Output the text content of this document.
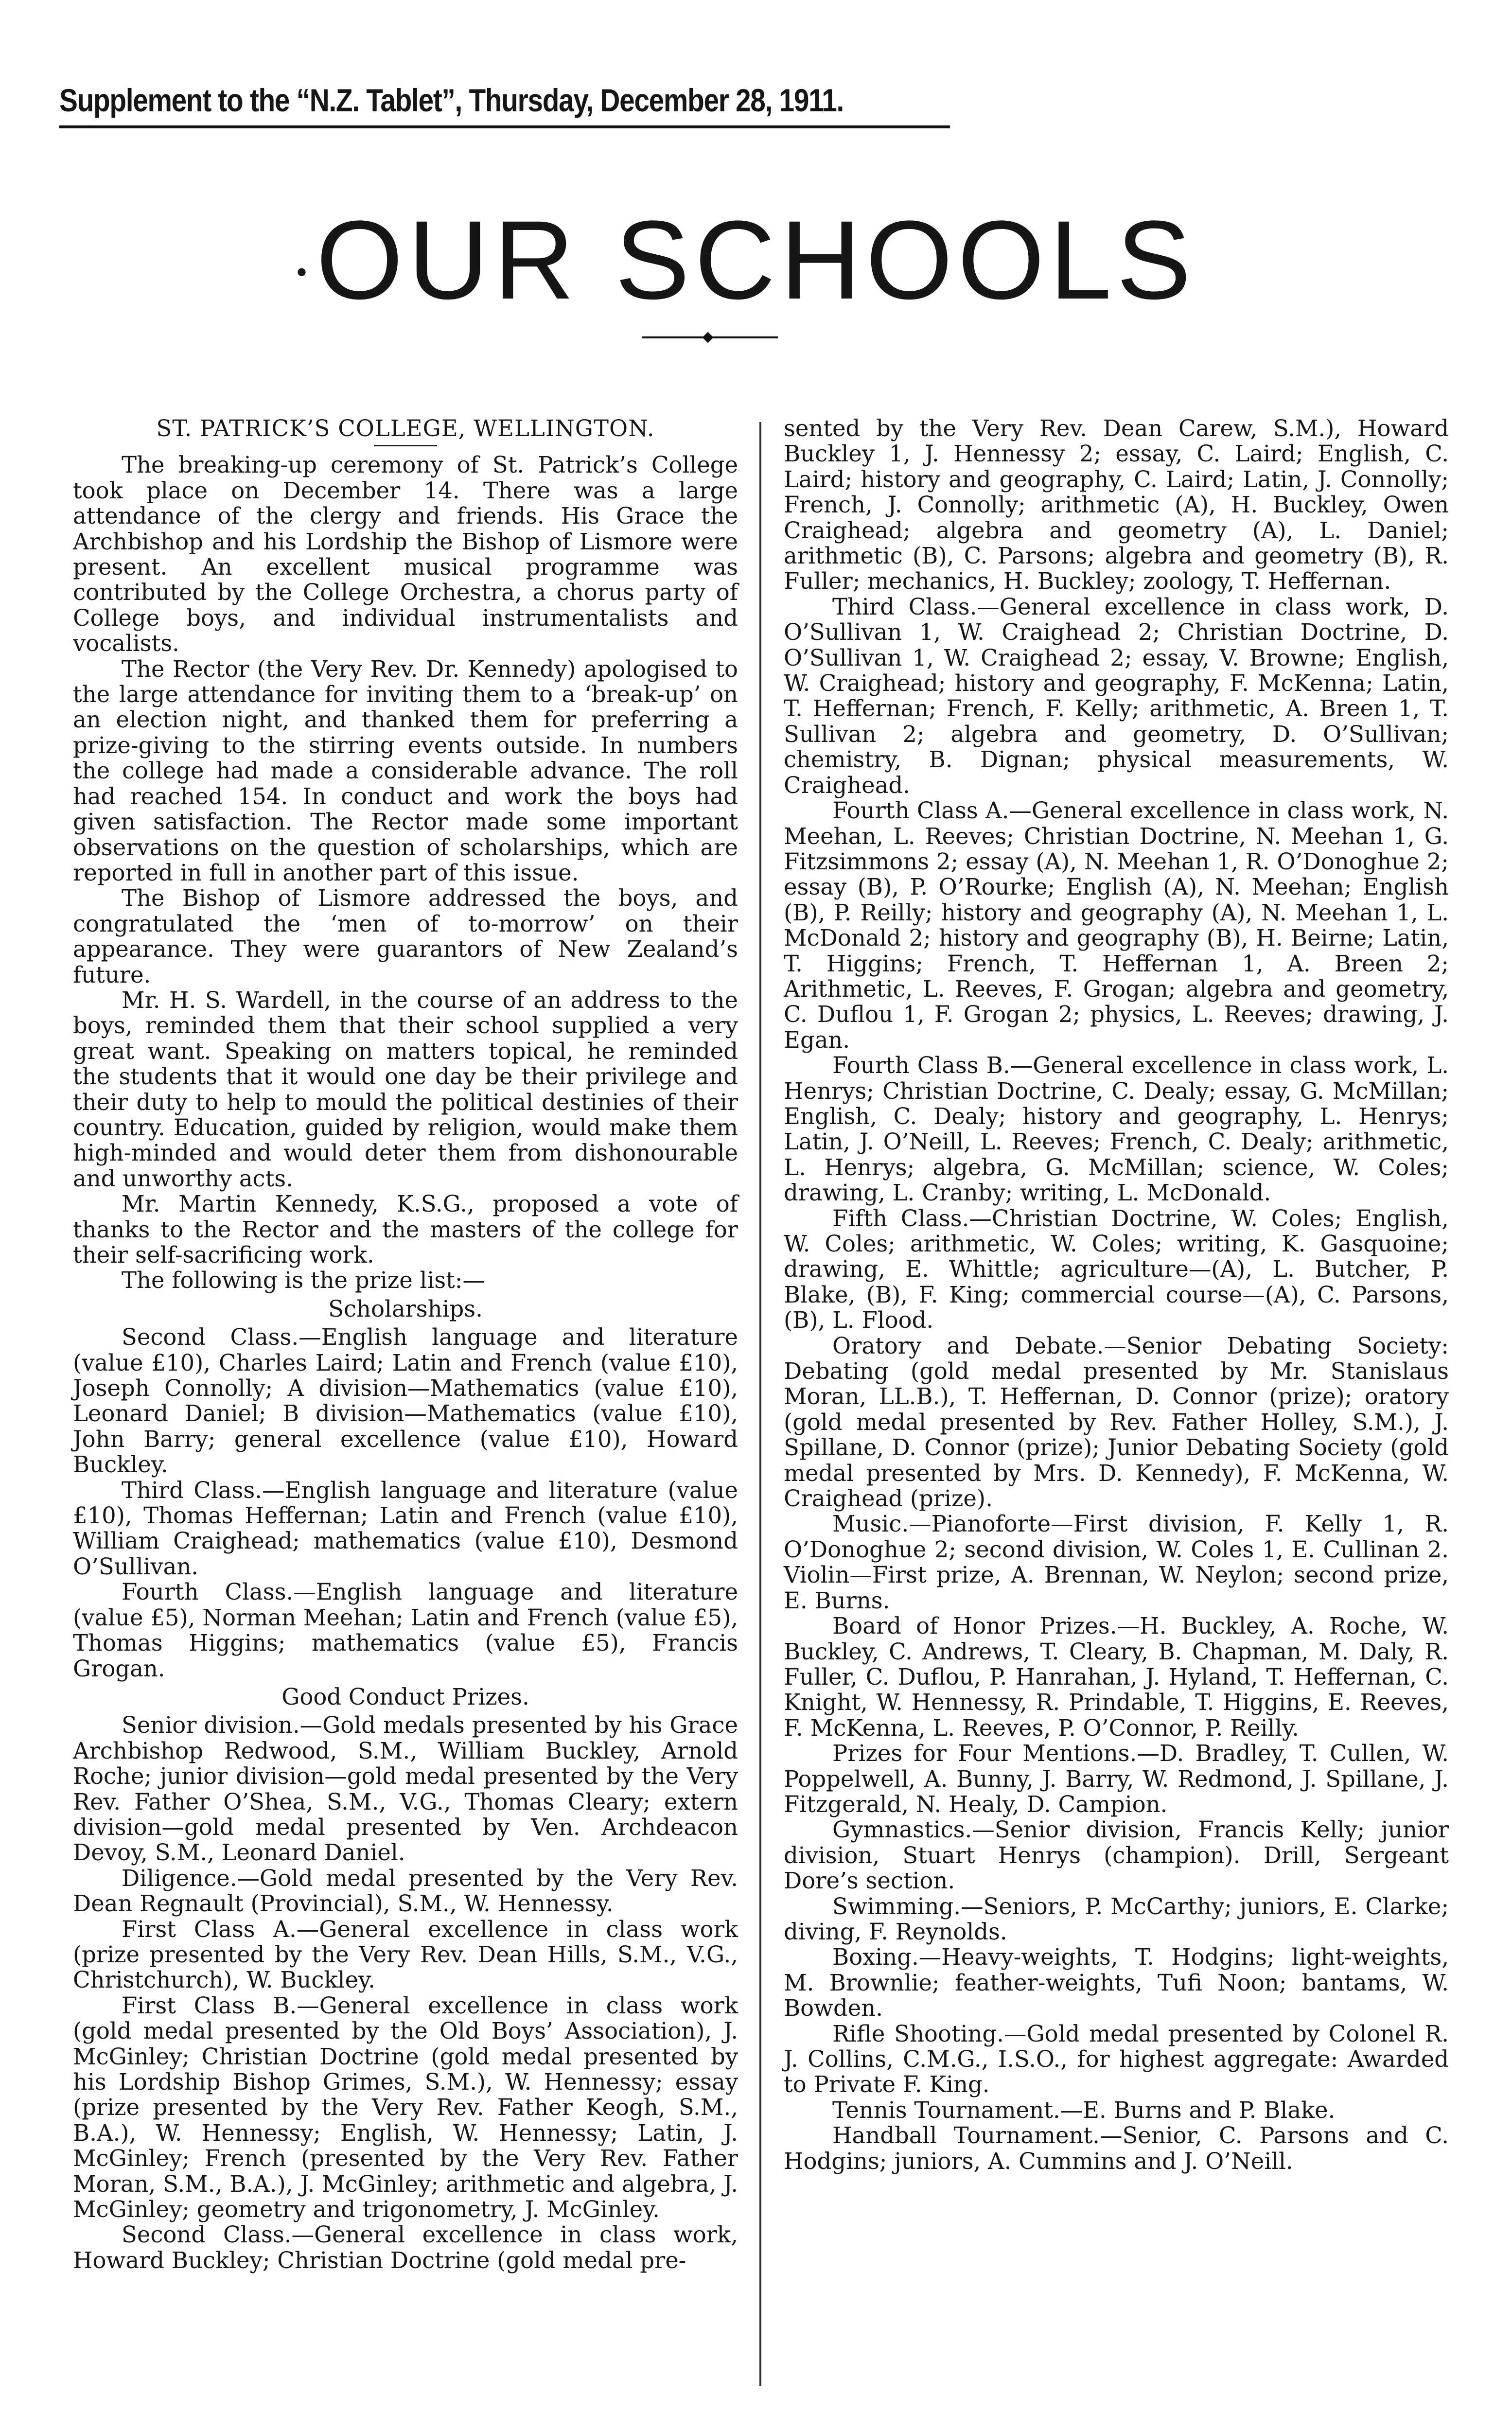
Supplement to the “N.Z. Tablet”, Thursday, December 28, 1911.

• OUR SCHOOLS
ST. PATRICK’S COLLEGE, WELLINGTON.

The breaking-up ceremony of St. Patrick’s College took place on December 14. There was a large attendance of the clergy and friends. His Grace the Archbishop and his Lordship the Bishop of Lismore were present. An excellent musical programme was contributed by the College Orchestra, a chorus party of College boys, and individual instrumentalists and vocalists.

The Rector (the Very Rev. Dr. Kennedy) apologised to the large attendance for inviting them to a ‘break-up’ on an election night, and thanked them for preferring a prize-giving to the stirring events outside. In numbers the college had made a considerable advance. The roll had reached 154. In conduct and work the boys had given satisfaction. The Rector made some important observations on the question of scholarships, which are reported in full in another part of this issue.

The Bishop of Lismore addressed the boys, and congratulated the ‘men of to-morrow’ on their appearance. They were guarantors of New Zealand’s future.

Mr. H. S. Wardell, in the course of an address to the boys, reminded them that their school supplied a very great want. Speaking on matters topical, he reminded the students that it would one day be their privilege and their duty to help to mould the political destinies of their country. Education, guided by religion, would make them high-minded and would deter them from dishonourable and unworthy acts.

Mr. Martin Kennedy, K.S.G., proposed a vote of thanks to the Rector and the masters of the college for their self-sacrificing work.

The following is the prize list:—

Scholarships.

Second Class.—English language and literature (value £10), Charles Laird; Latin and French (value £10), Joseph Connolly; A division—Mathematics (value £10), Leonard Daniel; B division—Mathematics (value £10), John Barry; general excellence (value £10), Howard Buckley.

Third Class.—English language and literature (value £10), Thomas Heffernan; Latin and French (value £10), William Craighead; mathematics (value £10), Desmond O’Sullivan.

Fourth Class.—English language and literature (value £5), Norman Meehan; Latin and French (value £5), Thomas Higgins; mathematics (value £5), Francis Grogan.

Good Conduct Prizes.

Senior division.—Gold medals presented by his Grace Archbishop Redwood, S.M., William Buckley, Arnold Roche; junior division—gold medal presented by the Very Rev. Father O’Shea, S.M., V.G., Thomas Cleary; extern division—gold medal presented by Ven. Archdeacon Devoy, S.M., Leonard Daniel.

Diligence.—Gold medal presented by the Very Rev. Dean Regnault (Provincial), S.M., W. Hennessy.

First Class A.—General excellence in class work (prize presented by the Very Rev. Dean Hills, S.M., V.G., Christchurch), W. Buckley.

First Class B.—General excellence in class work (gold medal presented by the Old Boys’ Association), J. McGinley; Christian Doctrine (gold medal presented by his Lordship Bishop Grimes, S.M.), W. Hennessy; essay (prize presented by the Very Rev. Father Keogh, S.M., B.A.), W. Hennessy; English, W. Hennessy; Latin, J. McGinley; French (presented by the Very Rev. Father Moran, S.M., B.A.), J. McGinley; arithmetic and algebra, J. McGinley; geometry and trigonometry, J. McGinley.

Second Class.—General excellence in class work, Howard Buckley; Christian Doctrine (gold medal pre-

sented by the Very Rev. Dean Carew, S.M.), Howard Buckley 1, J. Hennessy 2; essay, C. Laird; English, C. Laird; history and geography, C. Laird; Latin, J. Connolly; French, J. Connolly; arithmetic (A), H. Buckley, Owen Craighead; algebra and geometry (A), L. Daniel; arithmetic (B), C. Parsons; algebra and geometry (B), R. Fuller; mechanics, H. Buckley; zoology, T. Heffernan.

Third Class.—General excellence in class work, D. O’Sullivan 1, W. Craighead 2; Christian Doctrine, D. O’Sullivan 1, W. Craighead 2; essay, V. Browne; English, W. Craighead; history and geography, F. McKenna; Latin, T. Heffernan; French, F. Kelly; arithmetic, A. Breen 1, T. Sullivan 2; algebra and geometry, D. O’Sullivan; chemistry, B. Dignan; physical measurements, W. Craighead.

Fourth Class A.—General excellence in class work, N. Meehan, L. Reeves; Christian Doctrine, N. Meehan 1, G. Fitzsimmons 2; essay (A), N. Meehan 1, R. O’Donoghue 2; essay (B), P. O’Rourke; English (A), N. Meehan; English (B), P. Reilly; history and geography (A), N. Meehan 1, L. McDonald 2; history and geography (B), H. Beirne; Latin, T. Higgins; French, T. Heffernan 1, A. Breen 2; Arithmetic, L. Reeves, F. Grogan; algebra and geometry, C. Duflou 1, F. Grogan 2; physics, L. Reeves; drawing, J. Egan.

Fourth Class B.—General excellence in class work, L. Henrys; Christian Doctrine, C. Dealy; essay, G. McMillan; English, C. Dealy; history and geography, L. Henrys; Latin, J. O’Neill, L. Reeves; French, C. Dealy; arithmetic, L. Henrys; algebra, G. McMillan; science, W. Coles; drawing, L. Cranby; writing, L. McDonald.

Fifth Class.—Christian Doctrine, W. Coles; English, W. Coles; arithmetic, W. Coles; writing, K. Gasquoine; drawing, E. Whittle; agriculture—(A), L. Butcher, P. Blake, (B), F. King; commercial course—(A), C. Parsons, (B), L. Flood.

Oratory and Debate.—Senior Debating Society: Debating (gold medal presented by Mr. Stanislaus Moran, LL.B.), T. Heffernan, D. Connor (prize); oratory (gold medal presented by Rev. Father Holley, S.M.), J. Spillane, D. Connor (prize); Junior Debating Society (gold medal presented by Mrs. D. Kennedy), F. McKenna, W. Craighead (prize).

Music.—Pianoforte—First division, F. Kelly 1, R. O’Donoghue 2; second division, W. Coles 1, E. Cullinan 2. Violin—First prize, A. Brennan, W. Neylon; second prize, E. Burns.

Board of Honor Prizes.—H. Buckley, A. Roche, W. Buckley, C. Andrews, T. Cleary, B. Chapman, M. Daly, R. Fuller, C. Duflou, P. Hanrahan, J. Hyland, T. Heffernan, C. Knight, W. Hennessy, R. Prindable, T. Higgins, E. Reeves, F. McKenna, L. Reeves, P. O’Connor, P. Reilly.

Prizes for Four Mentions.—D. Bradley, T. Cullen, W. Poppelwell, A. Bunny, J. Barry, W. Redmond, J. Spillane, J. Fitzgerald, N. Healy, D. Campion.

Gymnastics.—Senior division, Francis Kelly; junior division, Stuart Henrys (champion). Drill, Sergeant Dore’s section.

Swimming.—Seniors, P. McCarthy; juniors, E. Clarke; diving, F. Reynolds.

Boxing.—Heavy-weights, T. Hodgins; light-weights, M. Brownlie; feather-weights, Tufi Noon; bantams, W. Bowden.

Rifle Shooting.—Gold medal presented by Colonel R. J. Collins, C.M.G., I.S.O., for highest aggregate: Awarded to Private F. King.

Tennis Tournament.—E. Burns and P. Blake.

Handball Tournament.—Senior, C. Parsons and C. Hodgins; juniors, A. Cummins and J. O’Neill.
